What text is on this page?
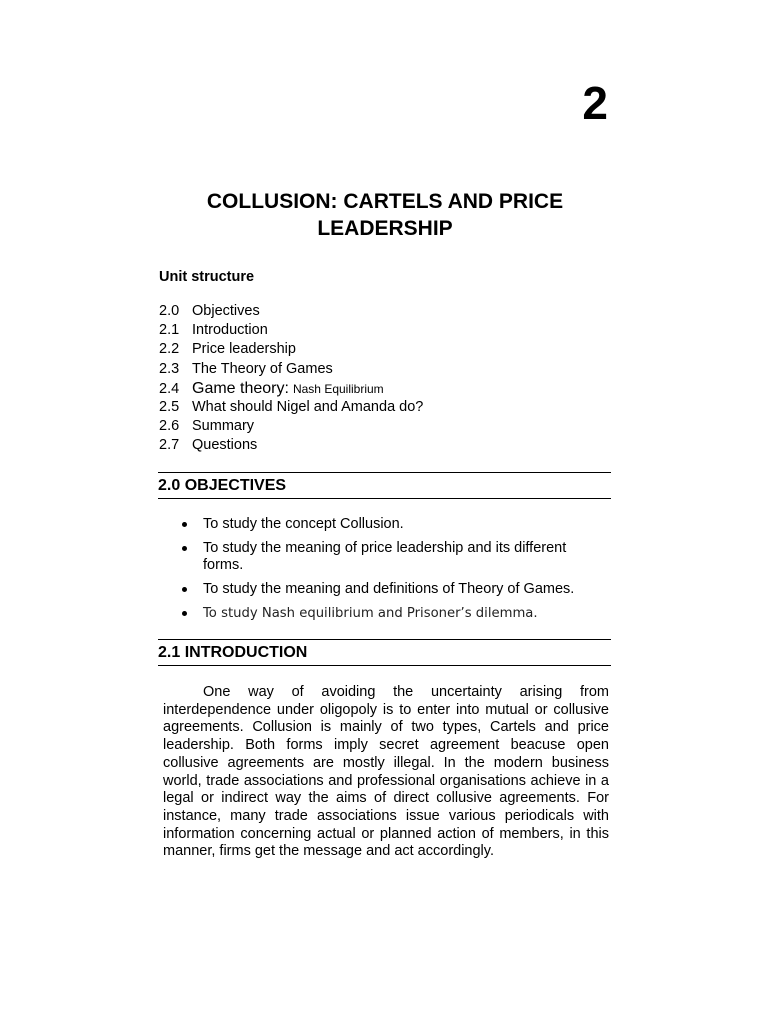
2
COLLUSION: CARTELS AND PRICE LEADERSHIP
Unit structure
2.0 Objectives
2.1 Introduction
2.2 Price leadership
2.3 The Theory of Games
2.4 Game theory: Nash Equilibrium
2.5 What should Nigel and Amanda do?
2.6 Summary
2.7 Questions
2.0 OBJECTIVES
To study the concept Collusion.
To study the meaning of price leadership and its different forms.
To study the meaning and definitions of Theory of Games.
To study Nash equilibrium and Prisoner’s dilemma.
2.1 INTRODUCTION

One way of avoiding the uncertainty arising from interdependence under oligopoly is to enter into mutual or collusive agreements. Collusion is mainly of two types, Cartels and price leadership. Both forms imply secret agreement beacuse open collusive agreements are mostly illegal. In the modern business world, trade associations and professional organisations achieve in a legal or indirect way the aims of direct collusive agreements. For instance, many trade associations issue various periodicals with information concerning actual or planned action of members, in this manner, firms get the message and act accordingly.
